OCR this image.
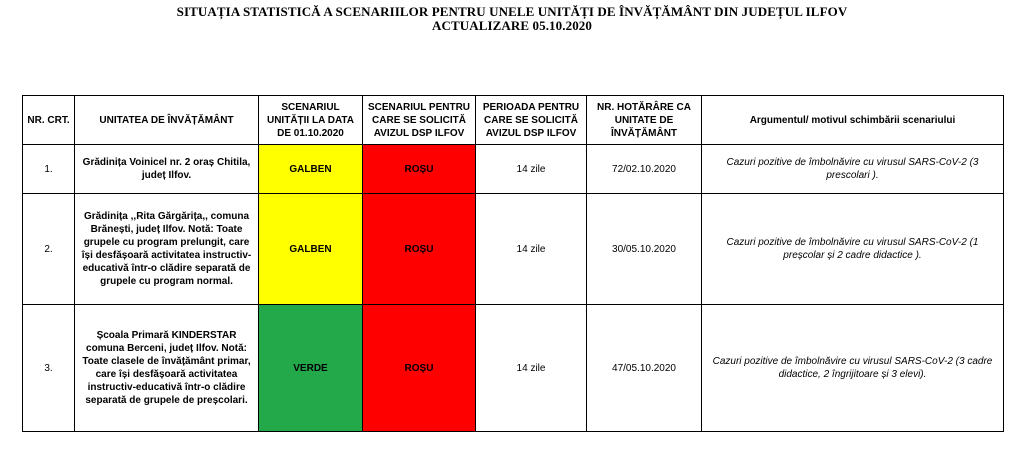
SITUAȚIA STATISTICĂ A SCENARIILOR PENTRU UNELE UNITĂȚI DE ÎNVĂȚĂMÂNT DIN JUDEȚUL ILFOV
ACTUALIZARE 05.10.2020
NR. CRT.	UNITATEA DE ÎNVĂȚĂMÂNT	SCENARIUL UNITĂȚII LA DATA DE 01.10.2020	SCENARIUL PENTRU CARE SE SOLICITĂ AVIZUL DSP ILFOV	PERIOADA PENTRU CARE SE SOLICITĂ AVIZUL DSP ILFOV	NR. HOTĂRÂRE CA UNITATE DE ÎNVĂȚĂMÂNT	Argumentul/ motivul schimbării scenariului
1.	Grădinița Voinicel nr. 2 oraș Chitila, județ Ilfov.	GALBEN	ROȘU	14 zile	72/02.10.2020	Cazuri pozitive de îmbolnăvire cu virusul SARS-CoV-2 (3 prescolari ).
2.	Grădinița ,,Rita Gărgărița,, comuna Brănești, județ Ilfov. Notă: Toate grupele cu program prelungit, care își desfășoară activitatea instructiv-educativă într-o clădire separată de grupele cu program normal.	GALBEN	ROȘU	14 zile	30/05.10.2020	Cazuri pozitive de îmbolnăvire cu virusul SARS-CoV-2 (1 preșcolar și 2 cadre didactice ).
3.	Școala Primară KINDERSTAR comuna Berceni, județ Ilfov. Notă: Toate clasele de învățământ primar, care își desfășoară activitatea instructiv-educativă într-o clădire separată de grupele de preșcolari.	VERDE	ROȘU	14 zile	47/05.10.2020	Cazuri pozitive de îmbolnăvire cu virusul SARS-CoV-2 (3 cadre didactice, 2 îngrijitoare și 3 elevi).
